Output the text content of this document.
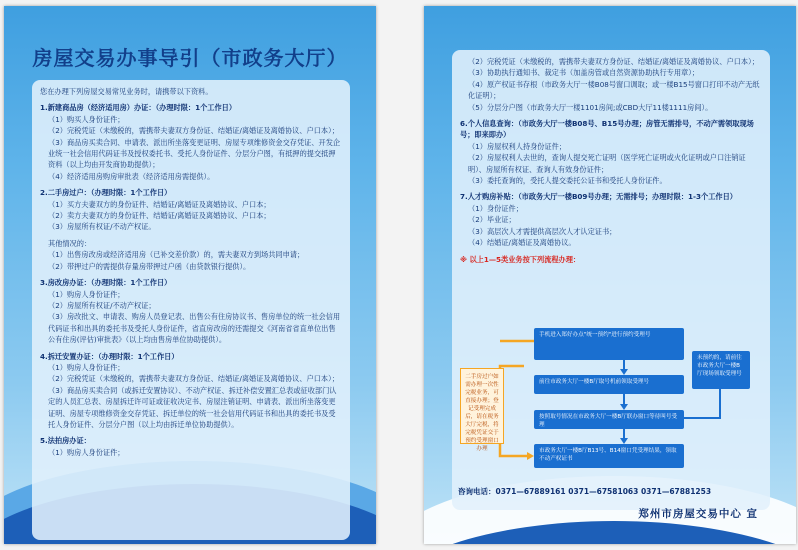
房屋交易办事导引（市政务大厅）

您在办理下列房屋交易常见业务时，请携带以下资料。

1.新建商品房（经济适用房）办证：（办理时限：1个工作日）

（1）购买人身份证件；

（2）完税凭证（未缴税的，需携带夫妻双方身份证、结婚证/离婚证及离婚协议、户口本）；

（3）商品房买卖合同、申请表、派出所坐落变更证明、房屋专项维修资金交存凭证、开发企业统一社会信用代码证书及授权委托书、受托人身份证件、分层分户图，有抵押的提交抵押资料（以上均由开发商协助提供）；

（4）经济适用房购房审批表（经济适用房需提供）。

2.二手房过户：（办理时限：1个工作日）

（1）买方夫妻双方的身份证件、结婚证/离婚证及离婚协议、户口本；

（2）卖方夫妻双方的身份证件、结婚证/离婚证及离婚协议、户口本；

（3）房屋所有权证/不动产权证。

其他情况的：

（1）出售房改房或经济适用房（已补交差价款）的，需夫妻双方到场共同申请；

（2）带押过户的需提供存量房带押过户函（由贷款银行提供）。

3.房改房办证：（办理时限：1个工作日）

（1）购房人身份证件；

（2）房屋所有权证/不动产权证；

（3）房改批文、申请表、购房人员登记表、出售公有住房协议书、售房单位的统一社会信用代码证书和出具的委托书及受托人身份证件，省直房改房的还需提交《河南省省直单位出售公有住房(评估)审批表》（以上均由售房单位协助提供）。

4.拆迁安置办证：（办理时限：1个工作日）

（1）购房人身份证件；

（2）完税凭证（未缴税的，需携带夫妻双方身份证、结婚证/离婚证及离婚协议、户口本）；

（3）商品房买卖合同（或拆迁安置协议）、不动产权证、拆迁补偿安置汇总表或征收部门认定的人员汇总表、房屋拆迁许可证或征收决定书、房屋注销证明、申请表、派出所坐落变更证明、房屋专项维修资金交存凭证、拆迁单位的统一社会信用代码证书和出具的委托书及受托人身份证件、分层分户图（以上均由拆迁单位协助提供）。

5.法拍房办证：

（1）购房人身份证件；

（2）完税凭证（未缴税的，需携带夫妻双方身份证、结婚证/离婚证及离婚协议、户口本）；

（3）协助执行通知书、裁定书（加盖房管或自然资源协助执行专用章）；

（4）原产权证书存根（市政务大厅一楼B08号窗口调取；或一楼B15号窗口打印不动产无纸化证明）；

（5）分层分户图（市政务大厅一楼1101房间;或CBD大厅11楼1111房间）。

6.个人信息查询：（市政务大厅一楼B08号、B15号办理；房管无需排号，不动产需领取现场号；即来即办）

（1）房屋权利人持身份证件；

（2）房屋权利人去世的，查询人提交死亡证明（医学死亡证明或火化证明或户口注销证明）、房屋所有权证、查询人有效身份证件；

（3）委托查询的，受托人提交委托公证书和受托人身份证件。

7.人才购房补贴：（市政务大厅一楼B09号办理；无需排号；办理时限：1-3个工作日）

（1）身份证件；

（2）毕业证；

（3）高层次人才需提供高层次人才认定证书；

（4）结婚证/离婚证及离婚协议。

※ 以上1—5类业务按下列流程办理：

手机进入郑好办点"统一预约"进行预约受理号
前往市政务大厅一楼B厅取号机前领取受理号
按照取号情况在市政务大厅一楼B厅联办窗口等待叫号受理
市政务大厅一楼B厅B13号、B14窗口凭受理结果，领取不动产权证书
未预约的，请前往市政务大厅一楼B厅现场领取受理号
二手房过户如需办理一次性完税业务，可直接办理；登记受理完成后，请在税务大厅完税，将完税凭证交于预约受理窗口办理
咨询电话：0371—67889161 0371—67581063 0371—67881253
郑州市房屋交易中心 宣
